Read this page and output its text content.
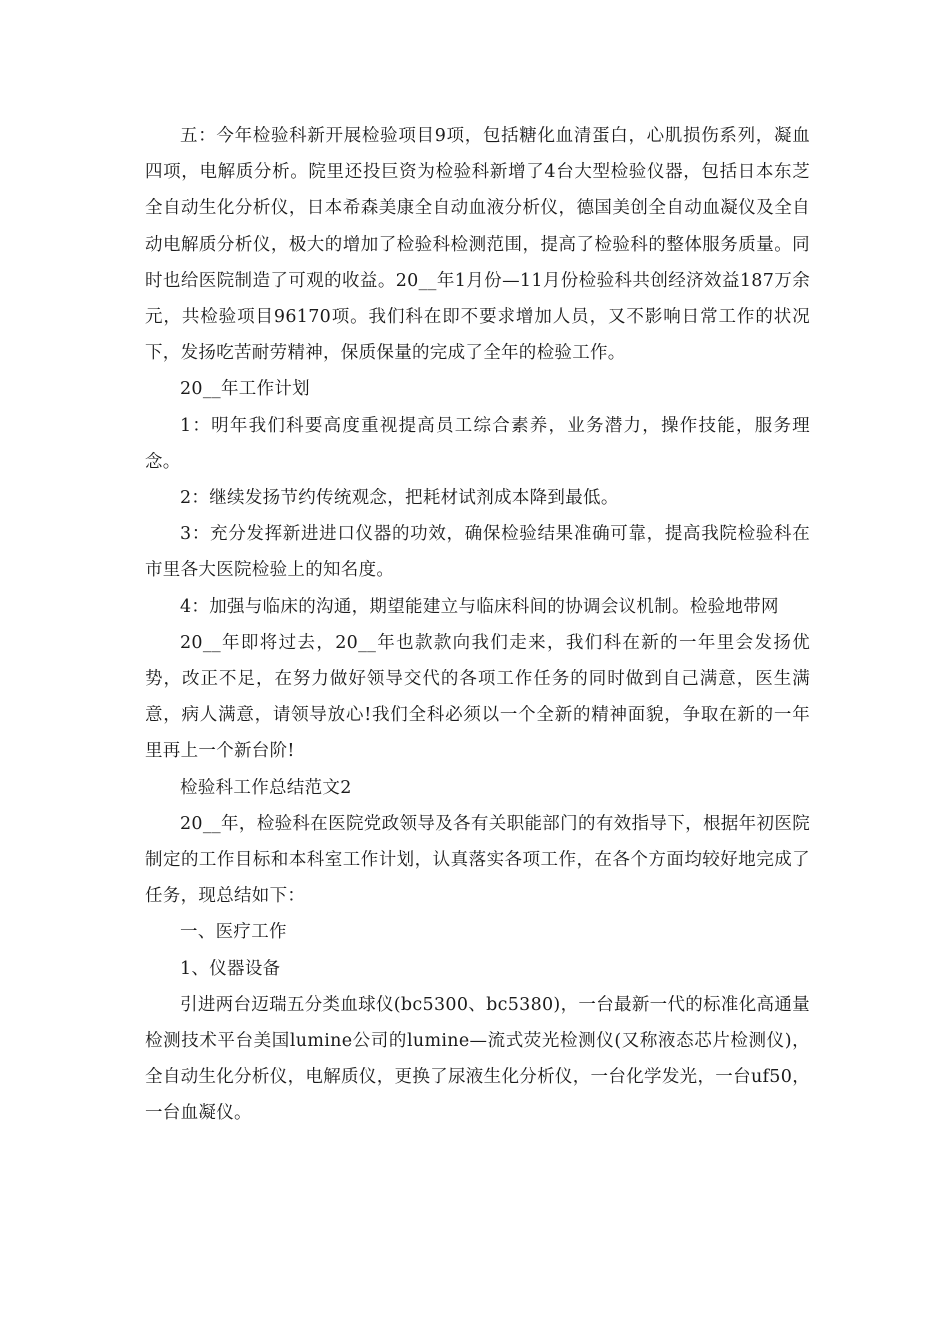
五：今年检验科新开展检验项目9项，包括糖化血清蛋白，心肌损伤系列，凝血四项，电解质分析。院里还投巨资为检验科新增了4台大型检验仪器，包括日本东芝全自动生化分析仪，日本希森美康全自动血液分析仪，德国美创全自动血凝仪及全自动电解质分析仪，极大的增加了检验科检测范围，提高了检验科的整体服务质量。同时也给医院制造了可观的收益。20__年1月份—11月份检验科共创经济效益187万余元，共检验项目96170项。我们科在即不要求增加人员，又不影响日常工作的状况下，发扬吃苦耐劳精神，保质保量的完成了全年的检验工作。

20__年工作计划

1：明年我们科要高度重视提高员工综合素养，业务潜力，操作技能，服务理念。

2：继续发扬节约传统观念，把耗材试剂成本降到最低。

3：充分发挥新进进口仪器的功效，确保检验结果准确可靠，提高我院检验科在市里各大医院检验上的知名度。

4：加强与临床的沟通，期望能建立与临床科间的协调会议机制。检验地带网

20__年即将过去，20__年也款款向我们走来，我们科在新的一年里会发扬优势，改正不足，在努力做好领导交代的各项工作任务的同时做到自己满意，医生满意，病人满意，请领导放心!我们全科必须以一个全新的精神面貌，争取在新的一年里再上一个新台阶!

检验科工作总结范文2

20__年，检验科在医院党政领导及各有关职能部门的有效指导下，根据年初医院制定的工作目标和本科室工作计划，认真落实各项工作，在各个方面均较好地完成了任务，现总结如下：

一、医疗工作

1、仪器设备

引进两台迈瑞五分类血球仪(bc5300、bc5380)，一台最新一代的标准化高通量检测技术平台美国lumine公司的lumine—流式荧光检测仪(又称液态芯片检测仪)，全自动生化分析仪，电解质仪，更换了尿液生化分析仪，一台化学发光，一台uf50，一台血凝仪。
